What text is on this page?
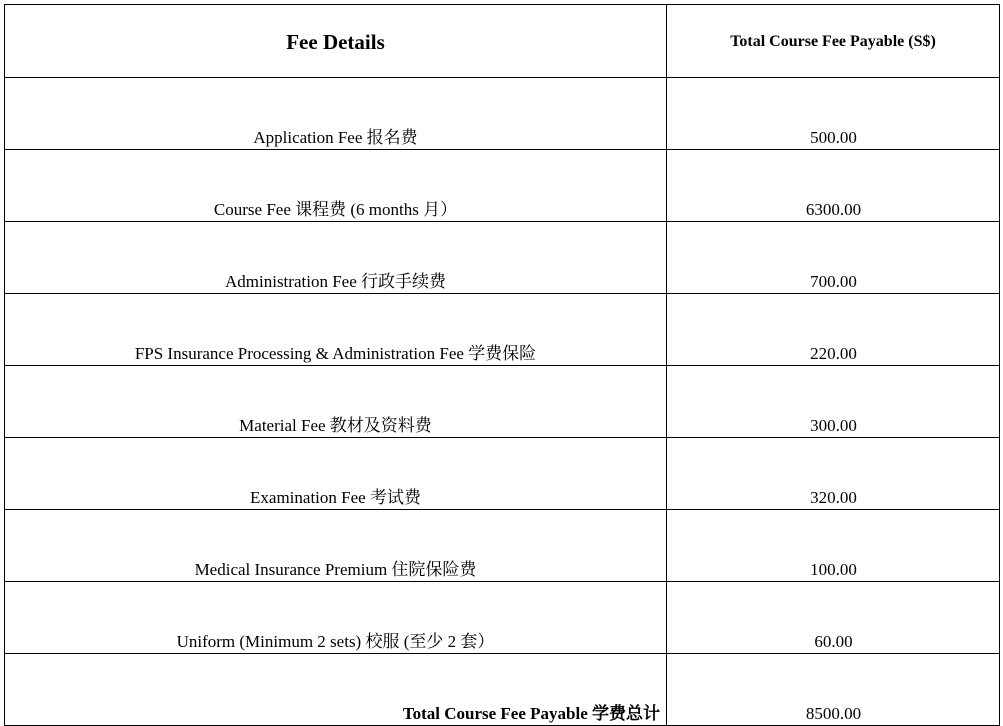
Fee Details	Total Course Fee Payable (S$)
Application Fee 报名费	500.00
Course Fee 课程费 (6 months 月）	6300.00
Administration Fee 行政手续费	700.00
FPS Insurance Processing & Administration Fee 学费保险	220.00
Material Fee 教材及资料费	300.00
Examination Fee 考试费	320.00
Medical Insurance Premium 住院保险费	100.00
Uniform (Minimum 2 sets) 校服 (至少 2 套）	60.00
Total Course Fee Payable 学费总计	8500.00
